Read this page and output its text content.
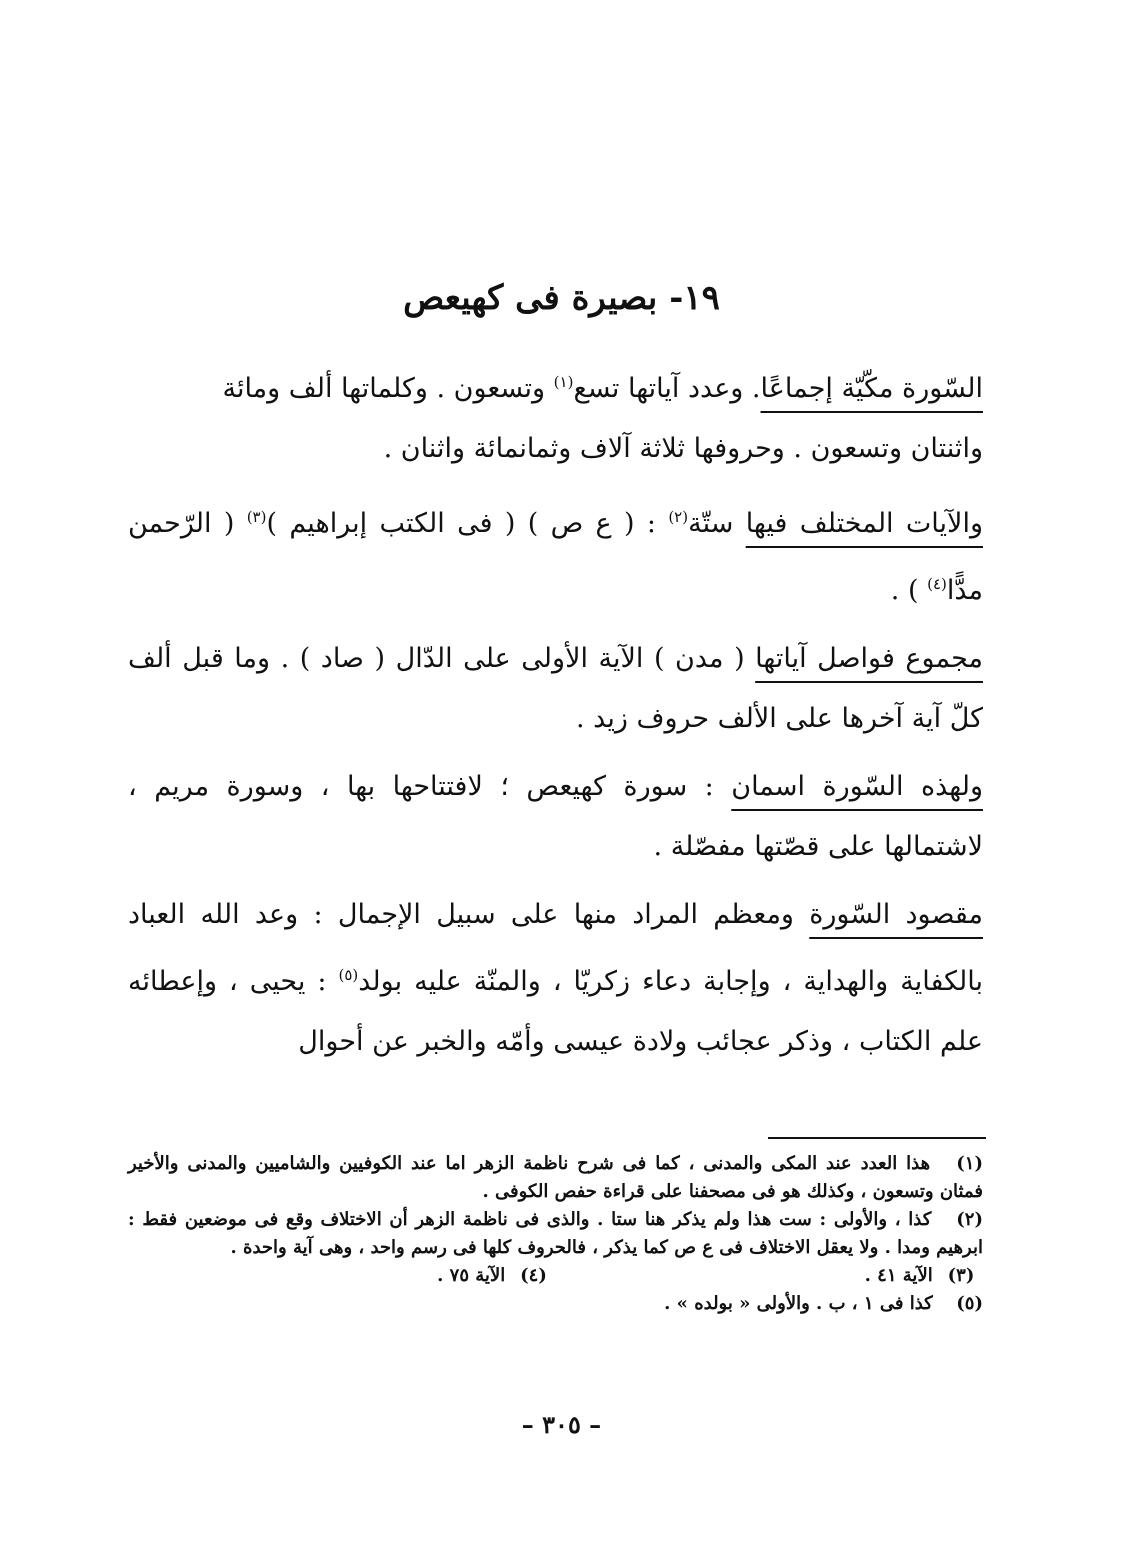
١٩- بصيرة فى كهيعص

السّورة مكّيّة إجماعًا. وعدد آياتها تسع$^{(١)}$ وتسعون . وكلماتها ألف ومائة
واثنتان وتسعون . وحروفها ثلاثة آلاف وثمانمائة واثنان .

والآيات المختلف فيها ستّة$^{(٢)}$ : ( ع ص ) ( فى الكتب إبراهيم )$^{(٣)}$ ( الرّحمن مدًّا$^{(٤)}$ ) .

مجموع فواصل آياتها ( مدن ) الآية الأولى على الدّال ( صاد ) . وما قبل ألف كلّ آية آخرها على الألف حروف زيد .

ولهذه السّورة اسمان : سورة كهيعص ؛ لافتتاحها بها ، وسورة مريم ، لاشتمالها على قصّتها مفصّلة .

مقصود السّورة ومعظم المراد منها على سبيل الإجمال : وعد الله العباد بالكفاية والهداية ، وإجابة دعاء زكريّا ، والمنّة عليه بولد$^{(٥)}$ : يحيى ، وإعطائه علم الكتاب ، وذكر عجائب ولادة عيسى وأمّه والخبر عن أحوال

(١) هذا العدد عند المكى والمدنى ، كما فى شرح ناظمة الزهر اما عند الكوفيين والشاميين والمدنى والأخير فمثان وتسعون ، وكذلك هو فى مصحفنا على قراءة حفص الكوفى .

(٢) كذا ، والأولى : ست هذا ولم يذكر هنا ستا . والذى فى ناظمة الزهر أن الاختلاف وقع فى موضعين فقط : ابرهيم ومدا . ولا يعقل الاختلاف فى ع ص كما يذكر ، فالحروف كلها فى رسم واحد ، وهى آية واحدة .

(٣) الآية ٤١ .
(٤) الآية ٧٥ .

(٥) كذا فى ١ ، ب . والأولى « بولده » .

– ٣٠٥ –
